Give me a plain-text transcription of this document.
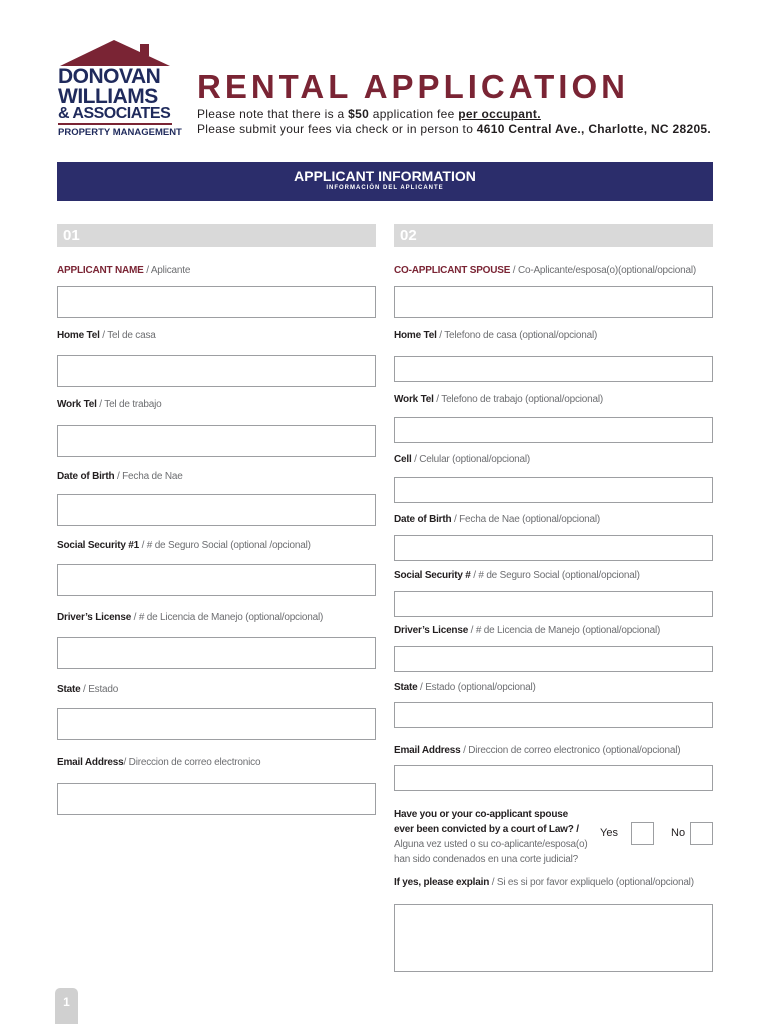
DONOVAN
WILLIAMS
& ASSOCIATES
PROPERTY MANAGEMENT
RENTAL APPLICATION
Please note that there is a $50 application fee per occupant.
Please submit your fees via check or in person to 4610 Central Ave., Charlotte, NC 28205.
APPLICANT INFORMATION
INFORMACIÓN DEL APLICANTE
01	02
APPLICANT NAME / Aplicante
Home Tel / Tel de casa
Work Tel / Tel de trabajo
Date of Birth / Fecha de Nae
Social Security #1 / # de Seguro Social (optional /opcional)
Driver’s License / # de Licencia de Manejo (optional/opcional)
State / Estado
Email Address/ Direccion de correo electronico
CO-APPLICANT SPOUSE / Co-Aplicante/esposa(o)(optional/opcional)
Home Tel / Telefono de casa (optional/opcional)
Work Tel / Telefono de trabajo (optional/opcional)
Cell / Celular (optional/opcional)
Date of Birth / Fecha de Nae (optional/opcional)
Social Security # / # de Seguro Social (optional/opcional)
Driver’s License / # de Licencia de Manejo (optional/opcional)
State / Estado (optional/opcional)
Email Address / Direccion de correo electronico (optional/opcional)
Have you or your co-applicant spouse
ever been convicted by a court of Law? /
Alguna vez usted o su co-aplicante/esposa(o)
han sido condenados en una corte judicial?
Yes	No
If yes, please explain / Si es si por favor expliquelo (optional/opcional)
1
